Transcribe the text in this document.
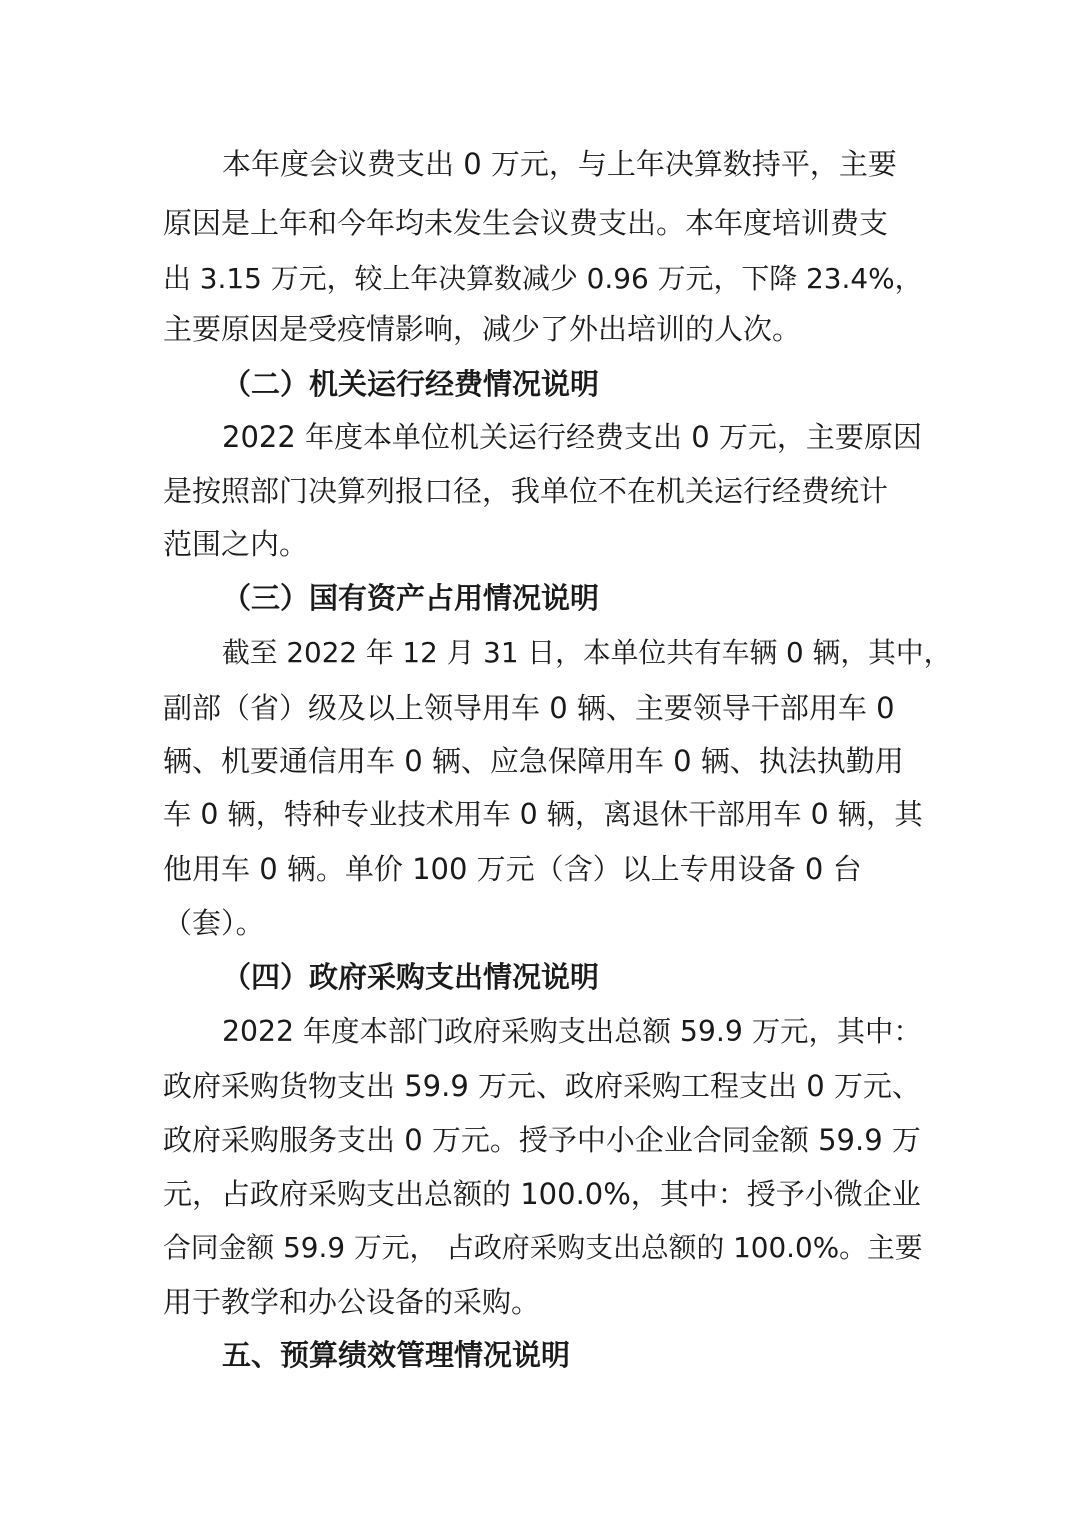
本年度会议费支出 0 万元，与上年决算数持平，主要
原因是上年和今年均未发生会议费支出。本年度培训费支
出 3.15 万元，较上年决算数减少 0.96 万元，下降 23.4%，
主要原因是受疫情影响，减少了外出培训的人次。
（二）机关运行经费情况说明
2022 年度本单位机关运行经费支出 0 万元，主要原因
是按照部门决算列报口径，我单位不在机关运行经费统计
范围之内。
（三）国有资产占用情况说明
截至 2022 年 12 月 31 日，本单位共有车辆 0 辆，其中，
副部（省）级及以上领导用车 0 辆、主要领导干部用车 0
辆、机要通信用车 0 辆、应急保障用车 0 辆、执法执勤用
车 0 辆，特种专业技术用车 0 辆，离退休干部用车 0 辆，其
他用车 0 辆。单价 100 万元（含）以上专用设备 0 台
（套）。
（四）政府采购支出情况说明
2022 年度本部门政府采购支出总额 59.9 万元，其中：
政府采购货物支出 59.9 万元、政府采购工程支出 0 万元、
政府采购服务支出 0 万元。授予中小企业合同金额 59.9 万
元，占政府采购支出总额的 100.0%，其中：授予小微企业
合同金额 59.9 万元， 占政府采购支出总额的 100.0%。主要
用于教学和办公设备的采购。
五、预算绩效管理情况说明
